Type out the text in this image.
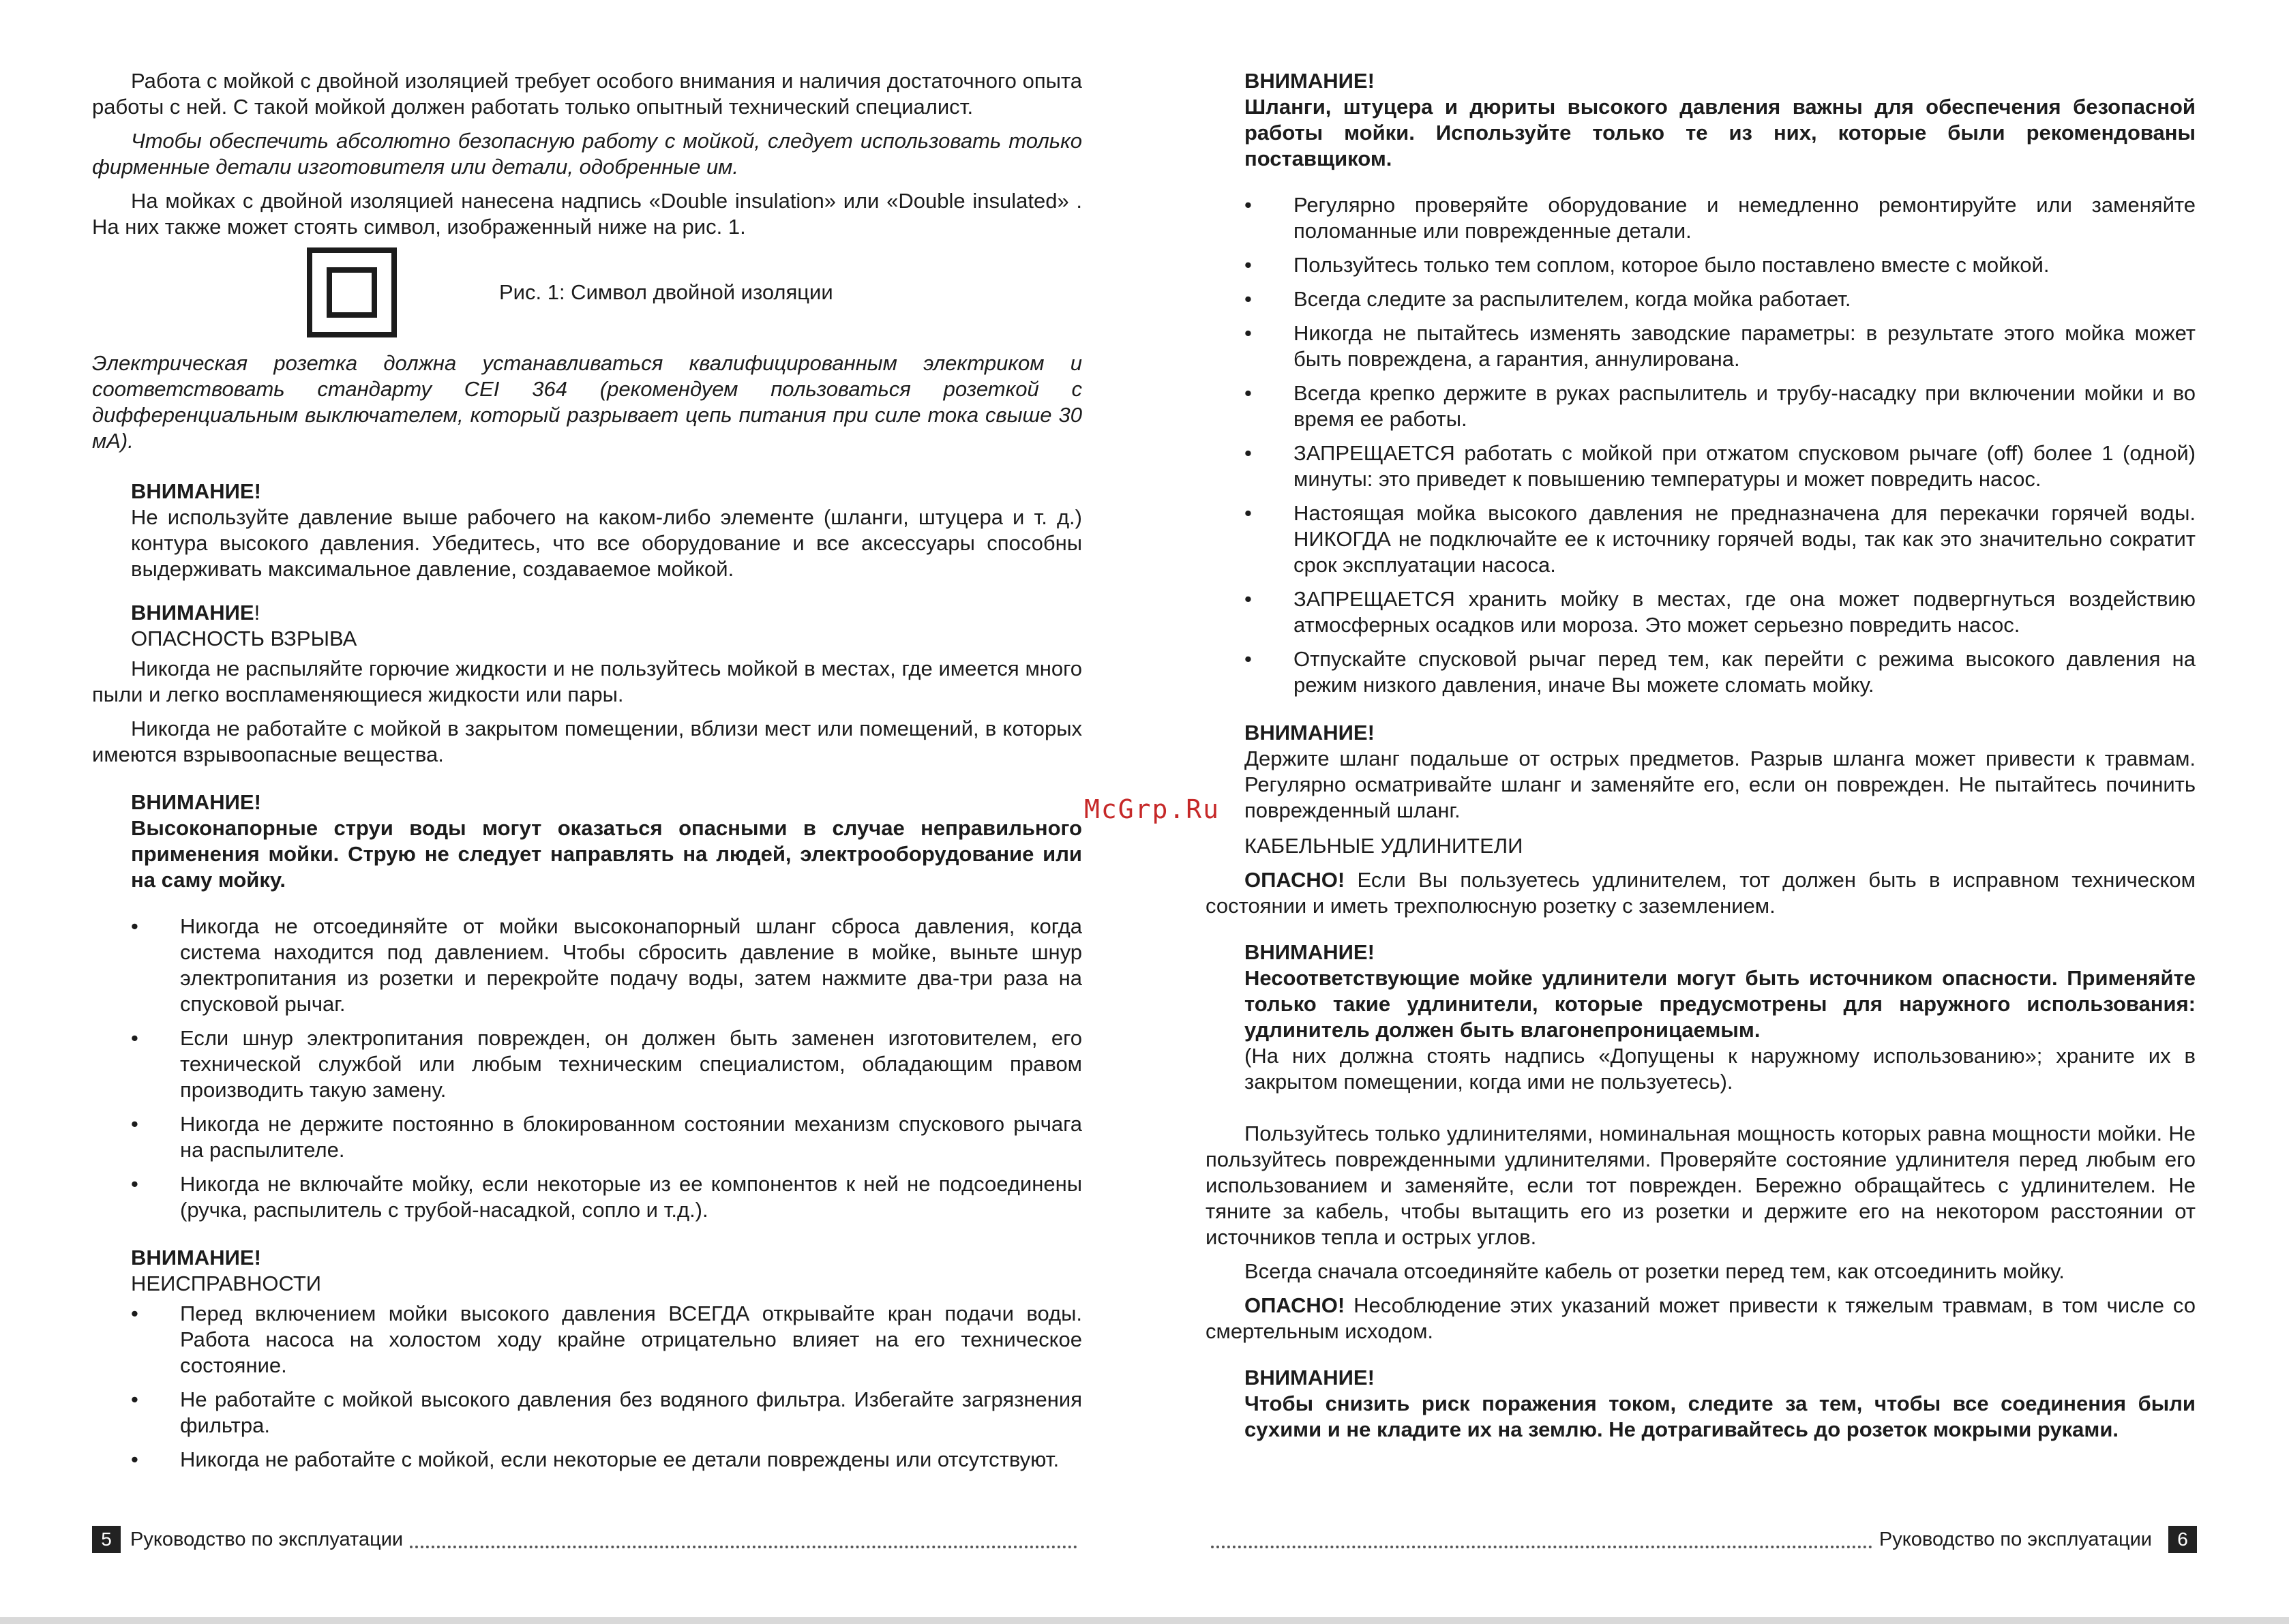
Работа с мойкой с двойной изоляцией требует особого внимания и наличия достаточного опыта работы с ней. С такой мойкой должен работать только опытный технический специалист.

Чтобы обеспечить абсолютно безопасную работу с мойкой, следует использовать только фирменные детали изготовителя или детали, одобренные им.

На мойках с двойной изоляцией нанесена надпись «Double insulation» или «Double insulated» . На них также может стоять символ, изображенный ниже на рис. 1.

Рис. 1: Символ двойной изоляции

Электрическая розетка должна устанавливаться квалифицированным электриком и соответствовать стандарту CEI 364 (рекомендуем пользоваться розеткой с дифференциальным выключателем, который разрывает цепь питания при силе тока свыше 30 мА).

ВНИМАНИЕ!

Не используйте давление выше рабочего на каком-либо элементе (шланги, штуцера и т. д.) контура высокого давления. Убедитесь, что все оборудование и все аксессуары способны выдерживать максимальное давление, создаваемое мойкой.

ВНИМАНИЕ!

ОПАСНОСТЬ ВЗРЫВА

Никогда не распыляйте горючие жидкости и не пользуйтесь мойкой в местах, где имеется много пыли и легко воспламеняющиеся жидкости или пары.

Никогда не работайте с мойкой в закрытом помещении, вблизи мест или помещений, в которых имеются взрывоопасные вещества.

ВНИМАНИЕ!

Высоконапорные струи воды могут оказаться опасными в случае неправильного применения мойки. Струю не следует направлять на людей, электрооборудование или на саму мойку.

• Никогда не отсоединяйте от мойки высоконапорный шланг сброса давления, когда система находится под давлением. Чтобы сбросить давление в мойке, выньте шнур электропитания из розетки и перекройте подачу воды, затем нажмите два-три раза на спусковой рычаг.
• Если шнур электропитания поврежден, он должен быть заменен изготовителем, его технической службой или любым техническим специалистом, обладающим правом производить такую замену.
• Никогда не держите постоянно в блокированном состоянии механизм спускового рычага на распылителе.
• Никогда не включайте мойку, если некоторые из ее компонентов к ней не подсоединены (ручка, распылитель с трубой-насадкой, сопло и т.д.).

ВНИМАНИЕ!

НЕИСПРАВНОСТИ

• Перед включением мойки высокого давления ВСЕГДА открывайте кран подачи воды. Работа насоса на холостом ходу крайне отрицательно влияет на его техническое состояние.
• Не работайте с мойкой высокого давления без водяного фильтра. Избегайте загрязнения фильтра.
• Никогда не работайте с мойкой, если некоторые ее детали повреждены или отсутствуют.

ВНИМАНИЕ!

Шланги, штуцера и дюриты высокого давления важны для обеспечения безопасной работы мойки. Используйте только те из них, которые были рекомендованы поставщиком.

• Регулярно проверяйте оборудование и немедленно ремонтируйте или заменяйте поломанные или поврежденные детали.
• Пользуйтесь только тем соплом, которое было поставлено вместе с мойкой.
• Всегда следите за распылителем, когда мойка работает.
• Никогда не пытайтесь изменять заводские параметры: в результате этого мойка может быть повреждена, а гарантия, аннулирована.
• Всегда крепко держите в руках распылитель и трубу-насадку при включении мойки и во время ее работы.
• ЗАПРЕЩАЕТСЯ работать с мойкой при отжатом спусковом рычаге (off) более 1 (одной) минуты: это приведет к повышению температуры и может повредить насос.
• Настоящая мойка высокого давления не предназначена для перекачки горячей воды. НИКОГДА не подключайте ее к источнику горячей воды, так как это значительно сократит срок эксплуатации насоса.
• ЗАПРЕЩАЕТСЯ хранить мойку в местах, где она может подвергнуться воздействию атмосферных осадков или мороза. Это может серьезно повредить насос.
• Отпускайте спусковой рычаг перед тем, как перейти с режима высокого давления на режим низкого давления, иначе Вы можете сломать мойку.

ВНИМАНИЕ!

Держите шланг подальше от острых предметов. Разрыв шланга может привести к травмам. Регулярно осматривайте шланг и заменяйте его, если он поврежден. Не пытайтесь починить поврежденный шланг.

КАБЕЛЬНЫЕ УДЛИНИТЕЛИ

ОПАСНО! Если Вы пользуетесь удлинителем, тот должен быть в исправном техническом состоянии и иметь трехполюсную розетку с заземлением.

ВНИМАНИЕ!

Несоответствующие мойке удлинители могут быть источником опасности. Применяйте только такие удлинители, которые предусмотрены для наружного использования: удлинитель должен быть влагонепроницаемым.

(На них должна стоять надпись «Допущены к наружному использованию»; храните их в закрытом помещении, когда ими не пользуетесь).

Пользуйтесь только удлинителями, номинальная мощность которых равна мощности мойки. Не пользуйтесь поврежденными удлинителями. Проверяйте состояние удлинителя перед любым его использованием и заменяйте, если тот поврежден. Бережно обращайтесь с удлинителем. Не тяните за кабель, чтобы вытащить его из розетки и держите его на некотором расстоянии от источников тепла и острых углов.

Всегда сначала отсоединяйте кабель от розетки перед тем, как отсоединить мойку.

ОПАСНО! Несоблюдение этих указаний может привести к тяжелым травмам, в том числе со смертельным исходом.

ВНИМАНИЕ!

Чтобы снизить риск поражения током, следите за тем, чтобы все соединения были сухими и не кладите их на землю. Не дотрагивайтесь до розеток мокрыми руками.

McGrp.Ru
5 Руководство по эксплуатации	Руководство по эксплуатации	6
